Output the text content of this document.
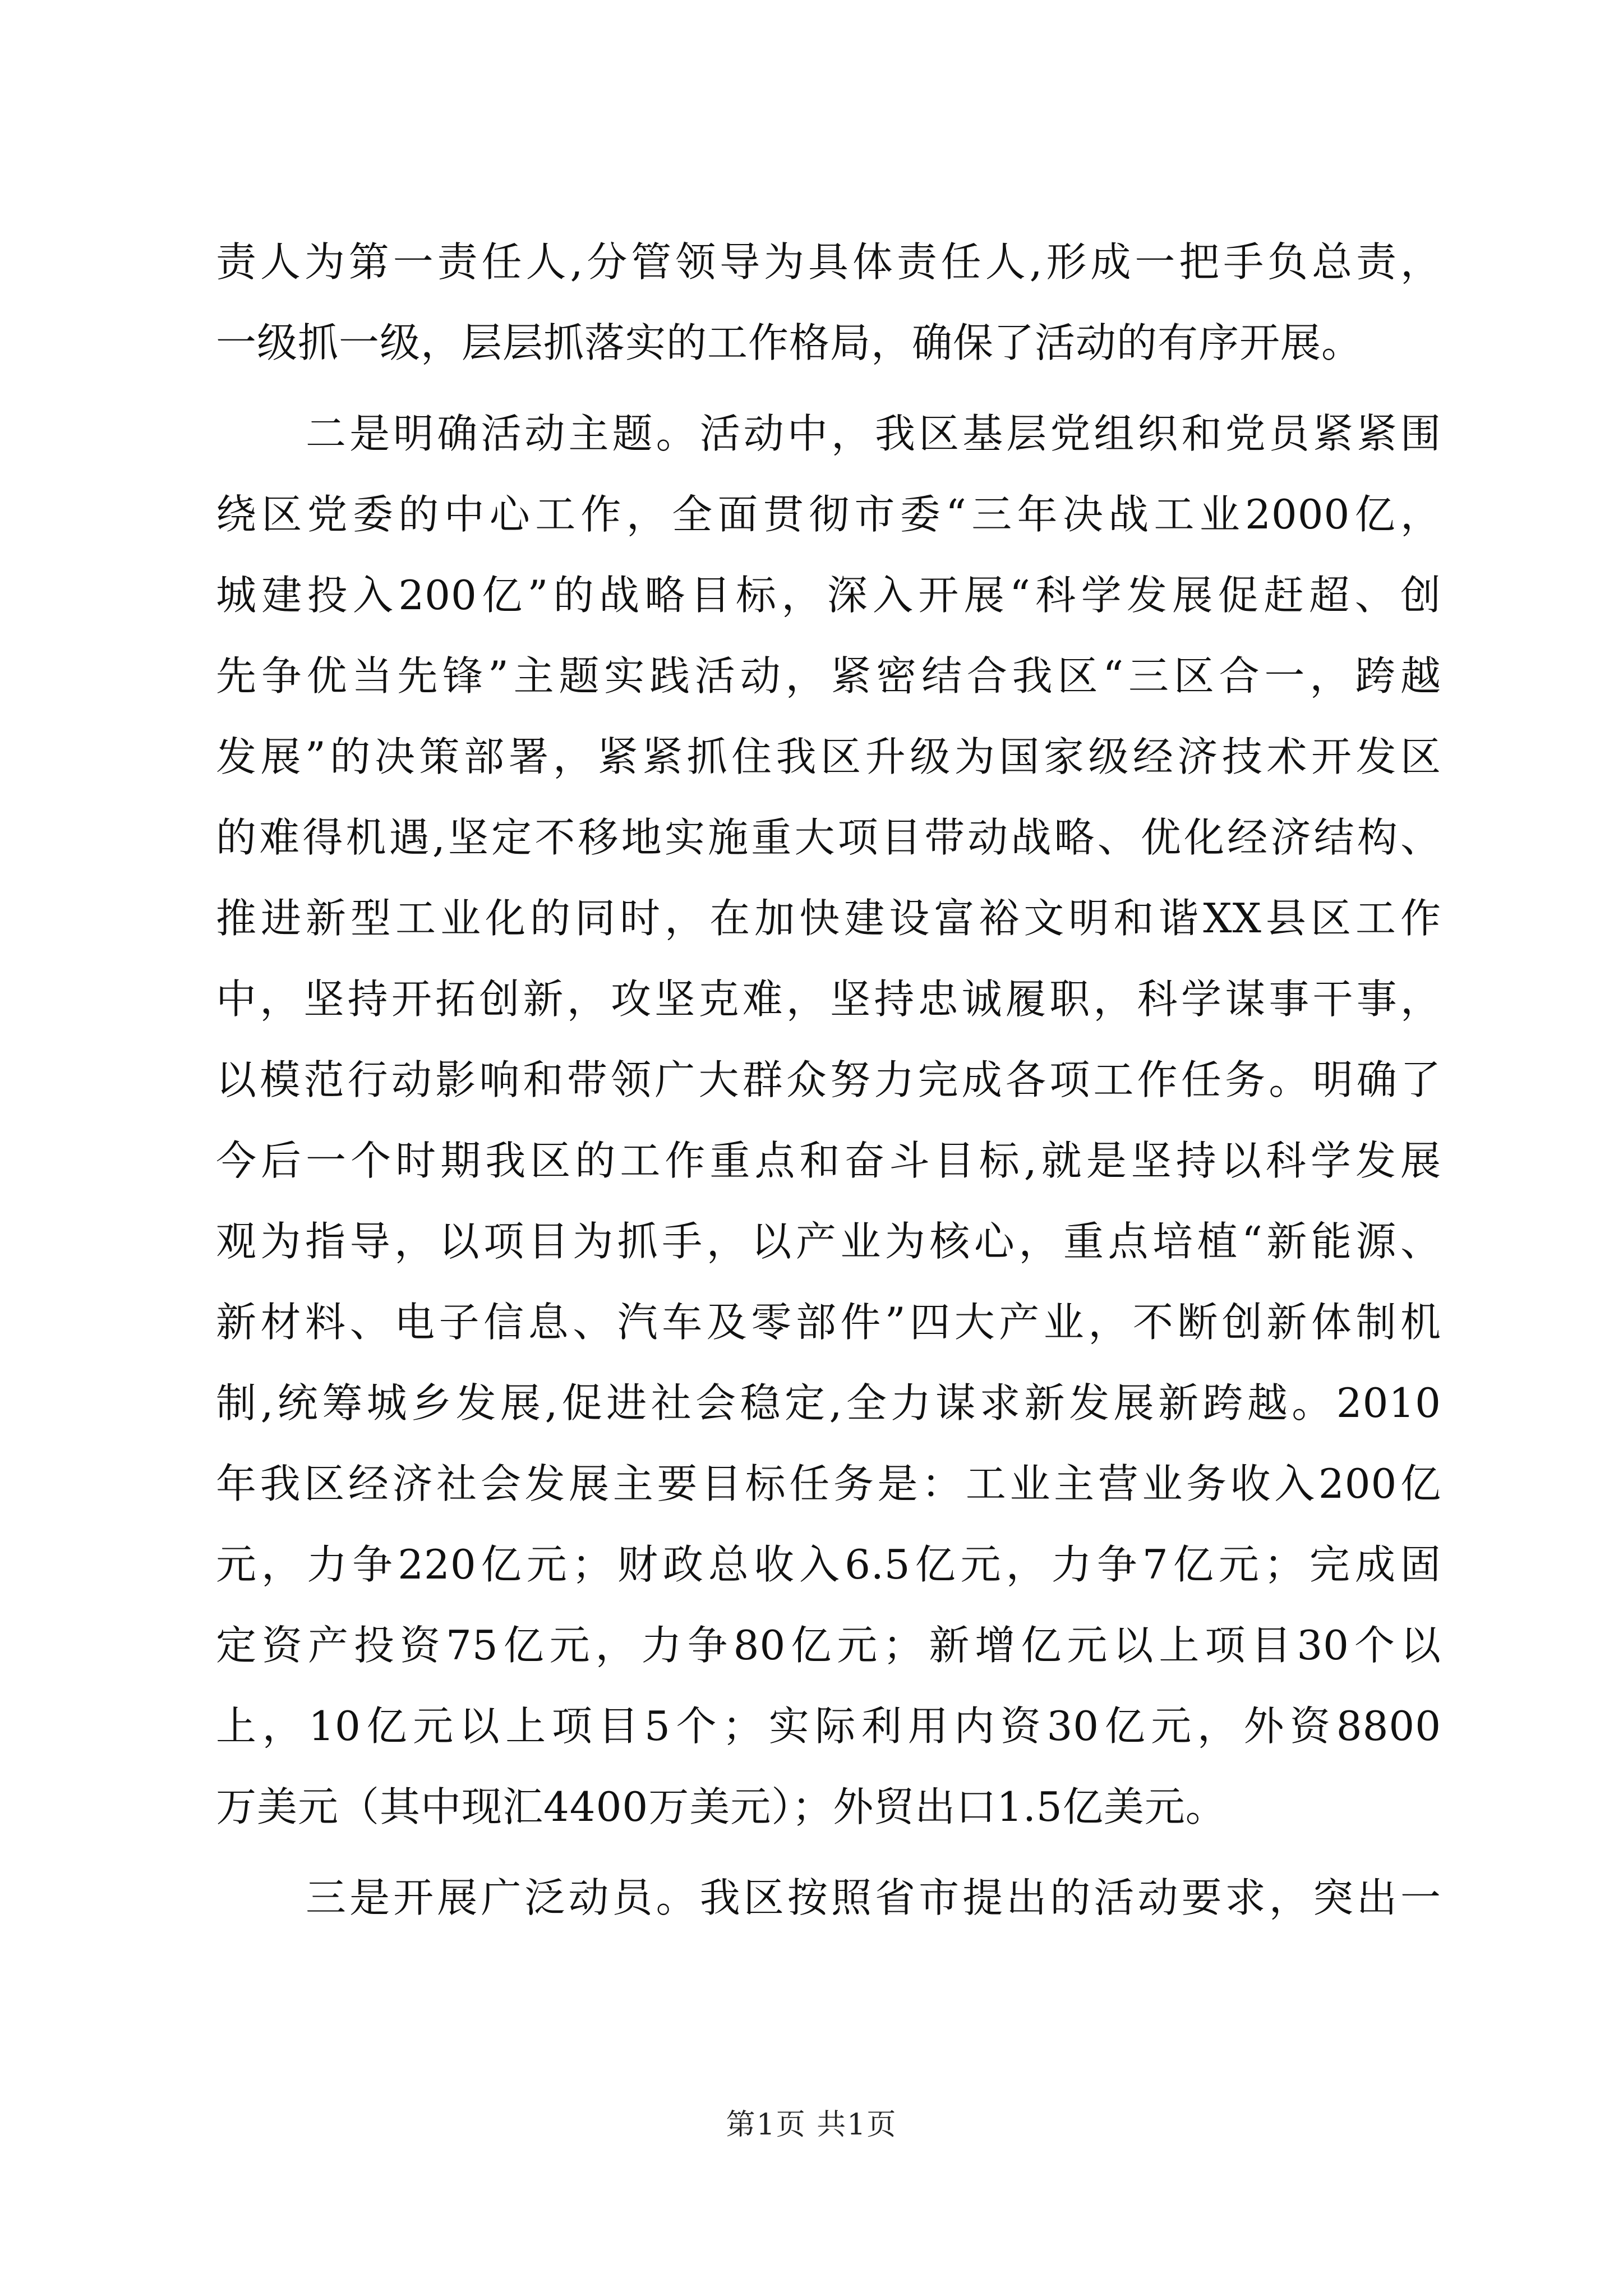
责人为第一责任人,分管领导为具体责任人,形成一把手负总责，
一级抓一级，层层抓落实的工作格局，确保了活动的有序开展。
二是明确活动主题。活动中，我区基层党组织和党员紧紧围
绕区党委的中心工作，全面贯彻市委“三年决战工业2000亿，
城建投入200亿”的战略目标，深入开展“科学发展促赶超、创
先争优当先锋”主题实践活动，紧密结合我区“三区合一，跨越
发展”的决策部署，紧紧抓住我区升级为国家级经济技术开发区
的难得机遇,坚定不移地实施重大项目带动战略、优化经济结构、
推进新型工业化的同时，在加快建设富裕文明和谐XX县区工作
中，坚持开拓创新，攻坚克难，坚持忠诚履职，科学谋事干事，
以模范行动影响和带领广大群众努力完成各项工作任务。明确了
今后一个时期我区的工作重点和奋斗目标,就是坚持以科学发展
观为指导，以项目为抓手，以产业为核心，重点培植“新能源、
新材料、电子信息、汽车及零部件”四大产业，不断创新体制机
制,统筹城乡发展,促进社会稳定,全力谋求新发展新跨越。2010
年我区经济社会发展主要目标任务是：工业主营业务收入200亿
元，力争220亿元；财政总收入6.5亿元，力争7亿元；完成固
定资产投资75亿元，力争80亿元；新增亿元以上项目30个以
上，10亿元以上项目5个；实际利用内资30亿元，外资8800
万美元（其中现汇4400万美元）；外贸出口1.5亿美元。
三是开展广泛动员。我区按照省市提出的活动要求，突出一
第1页 共1页
